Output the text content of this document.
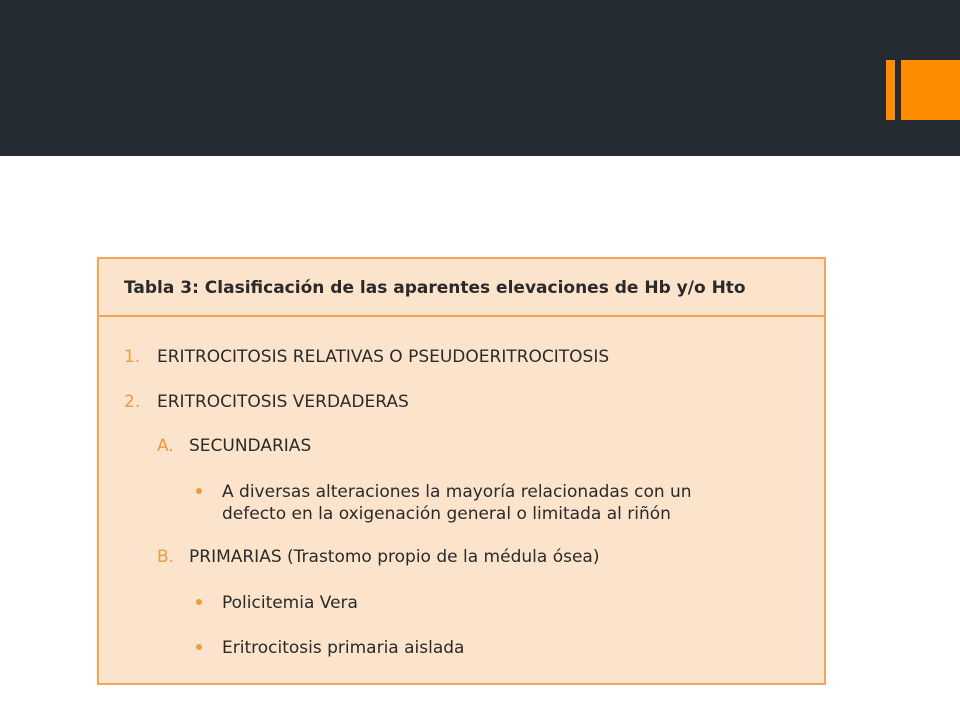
Tabla 3: Clasificación de las aparentes elevaciones de Hb y/o Hto
1. ERITROCITOSIS RELATIVAS O PSEUDOERITROCITOSIS
2. ERITROCITOSIS VERDADERAS
A. SECUNDARIAS
A diversas alteraciones la mayoría relacionadas con un
defecto en la oxigenación general o limitada al riñón
B. PRIMARIAS (Trastomo propio de la médula ósea)
Policitemia Vera
Eritrocitosis primaria aislada
